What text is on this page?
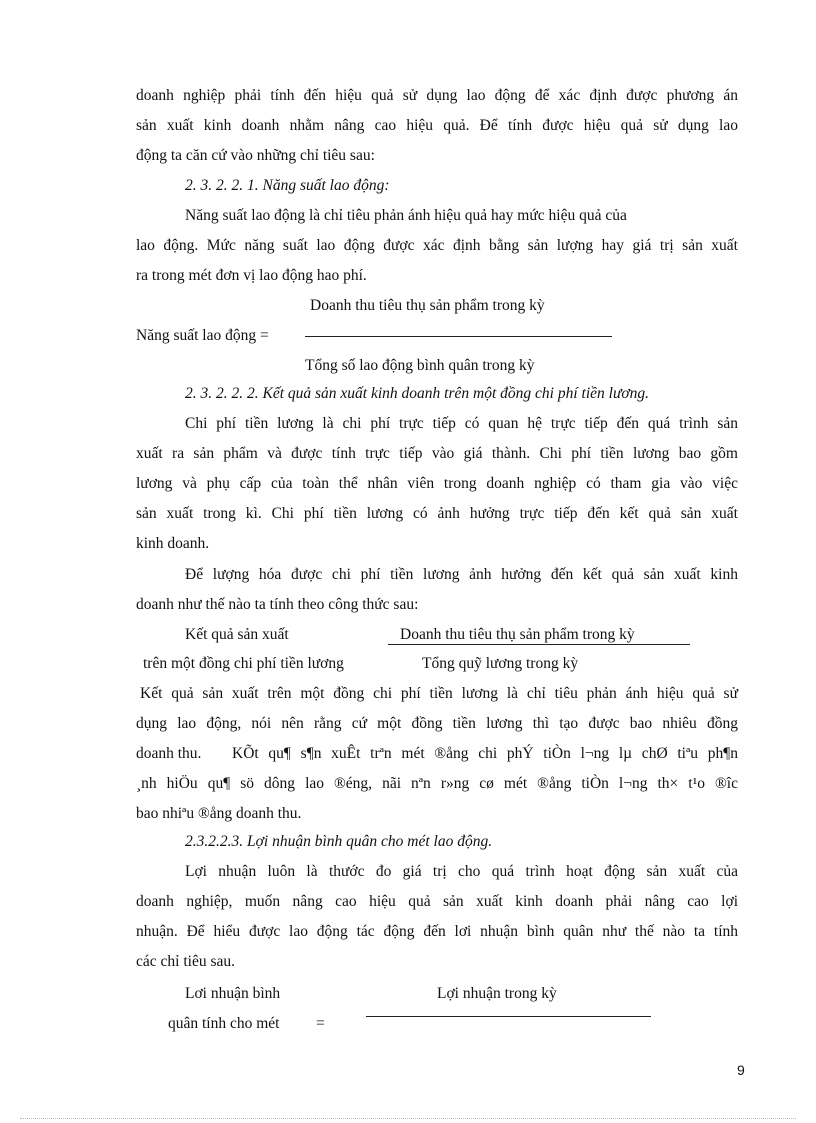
doanh nghiệp phải tính đến hiệu quả sử dụng lao động để xác định được phương án
sản xuất kinh doanh nhằm nâng cao hiệu quả. Để tính được hiệu quả sử dụng lao
động ta căn cứ vào những chỉ tiêu sau:
2. 3. 2. 2. 1. Năng suất lao động:
Năng suất lao động là chỉ tiêu phản ánh hiệu quả hay mức hiệu quả của
lao động. Mức năng suất lao động được xác định bằng sản lượng hay giá trị sản xuất
ra trong mét đơn vị lao động hao phí.
Doanh thu tiêu thụ sản phẩm trong kỳ
Năng suất lao động =
Tổng số lao động bình quân trong kỳ
2. 3. 2. 2. 2. Kết quả sản xuất kinh doanh trên một đồng chi phí tiền lương.
Chi phí tiền lương là chi phí trực tiếp có quan hệ trực tiếp đến quá trình sản
xuất ra sản phẩm và được tính trực tiếp vào giá thành. Chi phí tiền lương bao gồm
lương và phụ cấp của toàn thể nhân viên trong doanh nghiệp có tham gia vào việc
sản xuất trong kì. Chi phí tiền lương có ảnh hưởng trực tiếp đến kết quả sản xuất
kinh doanh.
Để lượng hóa được chi phí tiền lương ảnh hưởng đến kết quả sản xuất kinh
doanh như thế nào ta tính theo công thức sau:
Kết quả sản xuất	Doanh thu tiêu thụ sản phẩm trong kỳ
trên một đồng chi phí tiền lương	Tổng quỹ lương trong kỳ
Kết quả sản xuất trên một đồng chi phí tiền lương là chỉ tiêu phản ánh hiệu quả sử
dụng lao động, nói nên rằng cứ một đồng tiền lương thì tạo được bao nhiêu đồng
doanh thu. KÕt qu¶ s¶n xuÊt trªn mét ®ång chi phÝ tiÒn l¬ng lµ chØ tiªu ph¶n
¸nh hiÖu qu¶ sö dông lao ®éng, nãi nªn r»ng cø mét ®ång tiÒn l¬ng th× t¹o ®îc
bao nhiªu ®ång doanh thu.
2.3.2.2.3. Lợi nhuận bình quân cho mét lao động.
Lợi nhuận luôn là thước đo giá trị cho quá trình hoạt động sản xuất của
doanh nghiệp, muốn nâng cao hiệu quả sản xuất kinh doanh phải nâng cao lợi
nhuận. Để hiểu được lao động tác động đến lơi nhuận bình quân như thế nào ta tính
các chỉ tiêu sau.
Lơi nhuận bình	Lợi nhuận trong kỳ
quân tính cho mét =
9
